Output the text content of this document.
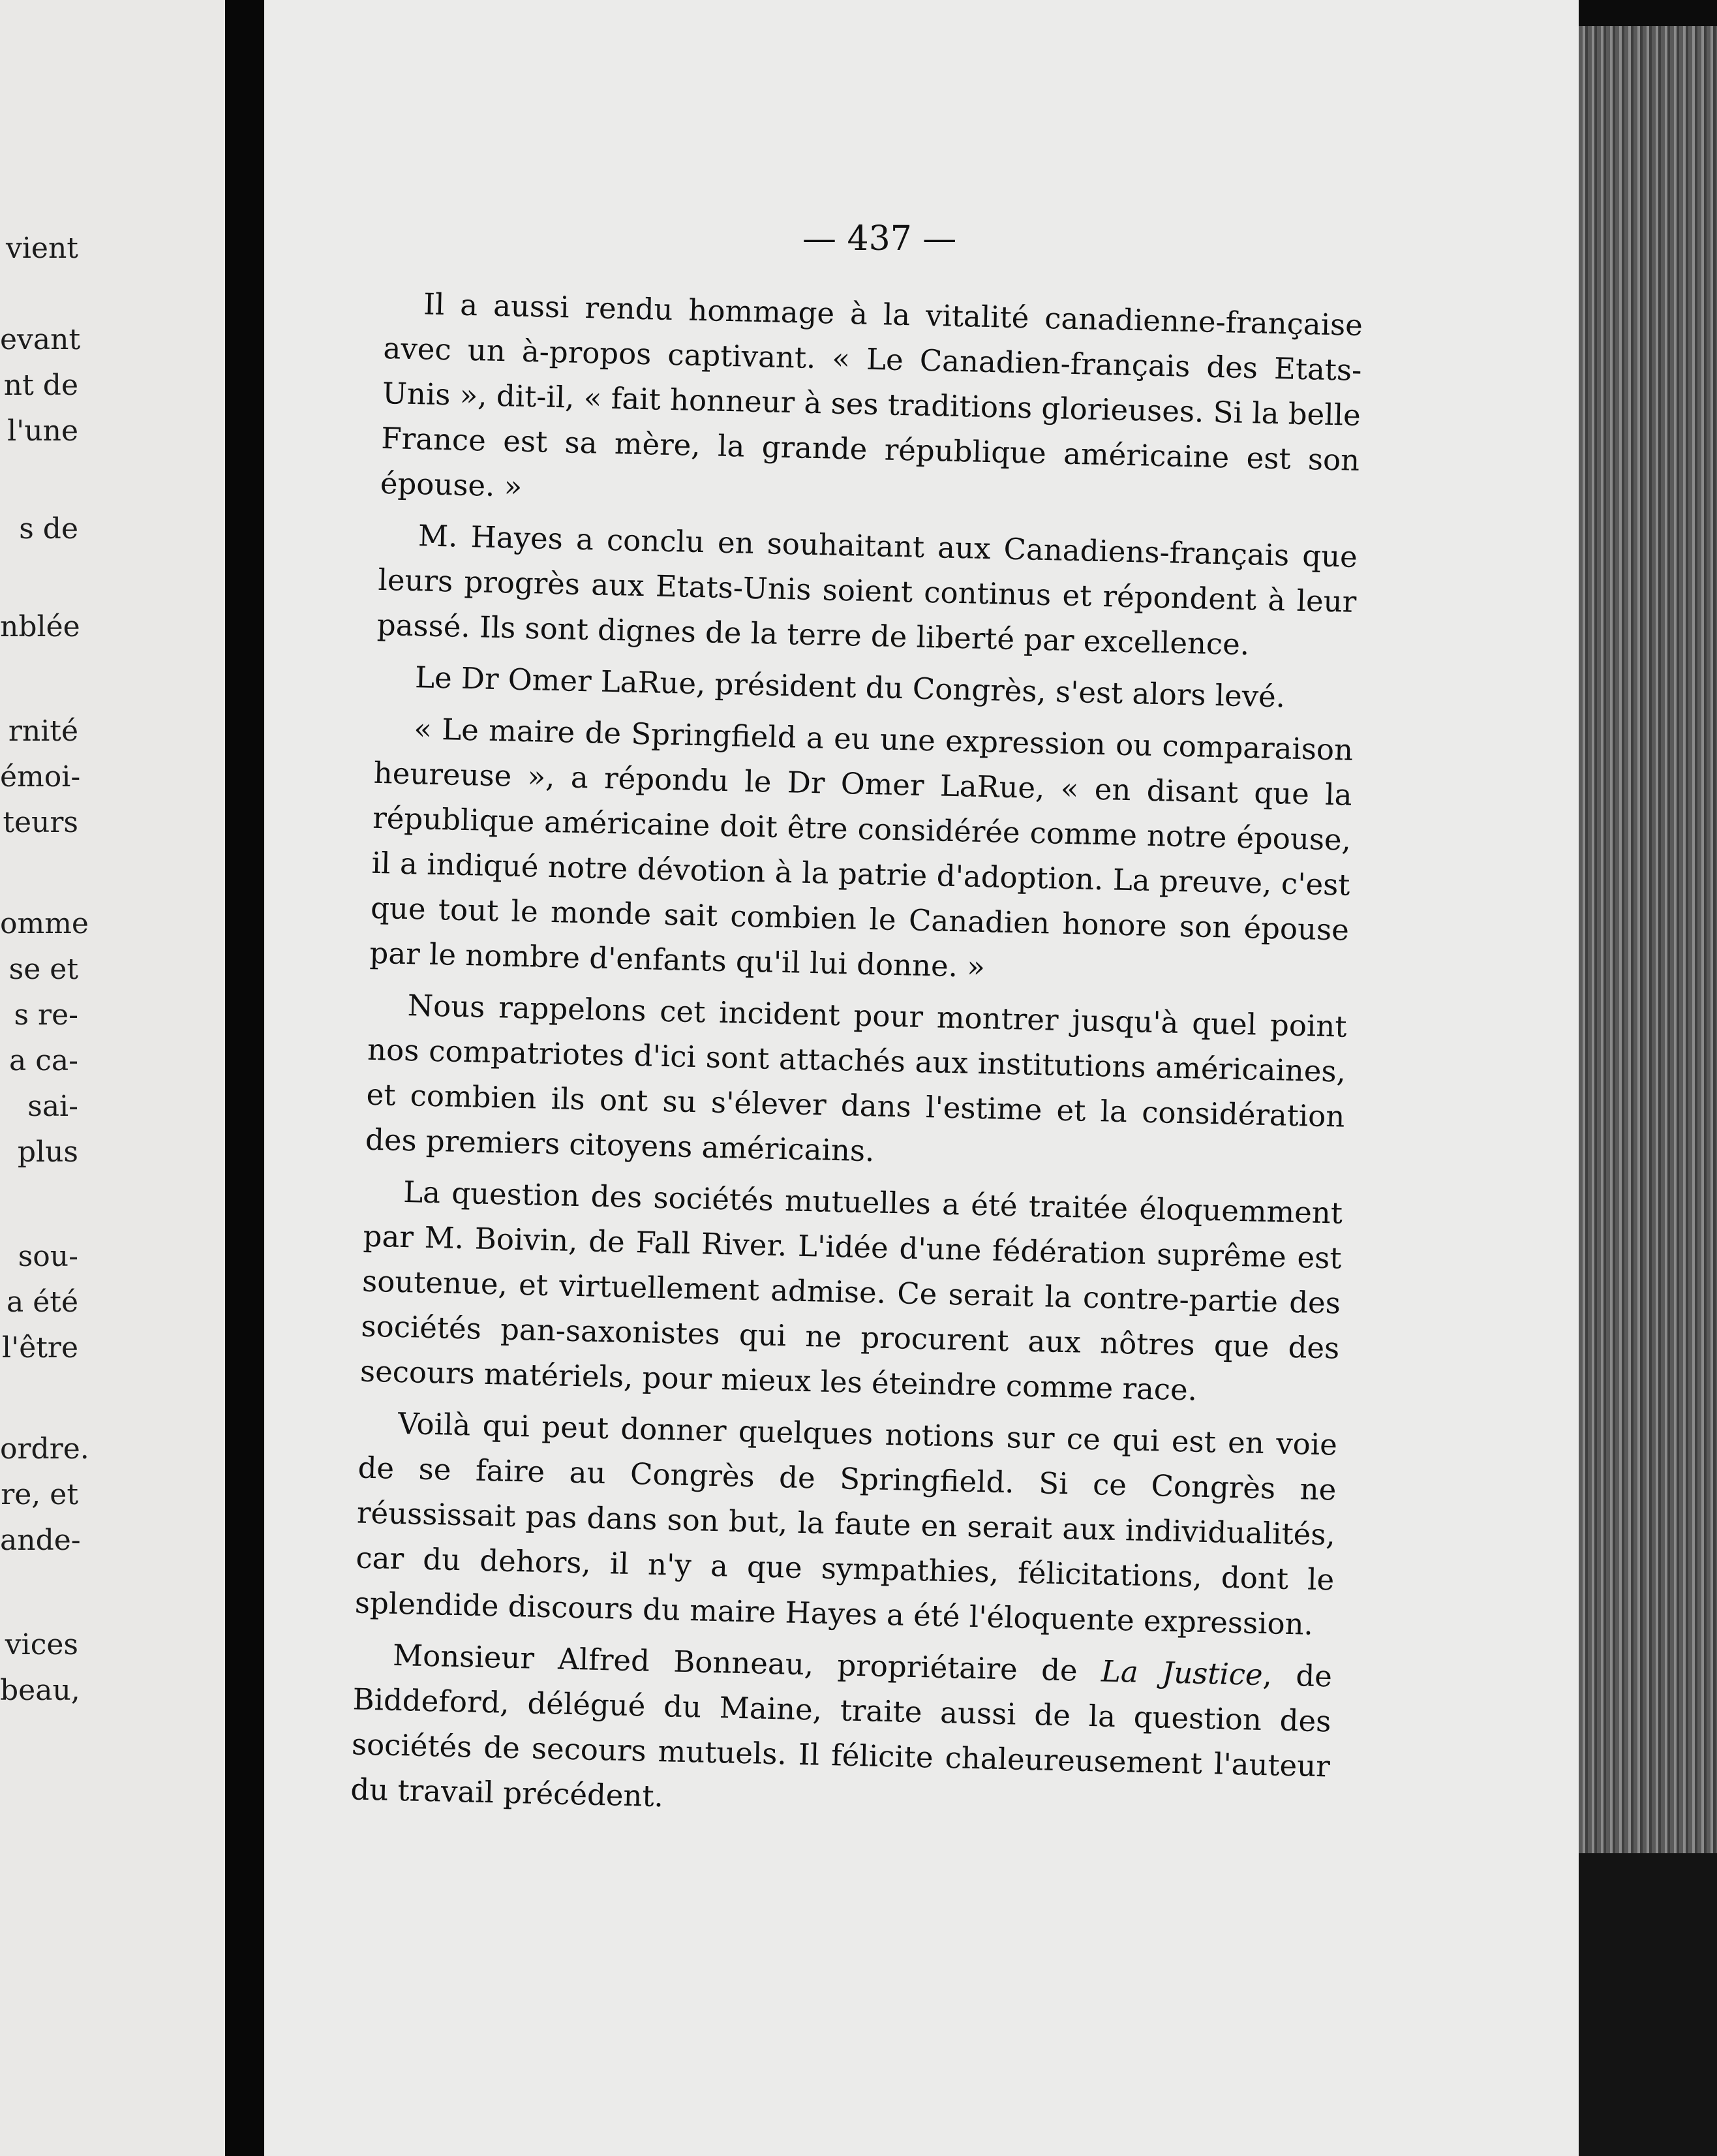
vient
evant
nt de
l'une
s de
nblée
rnité
émoi-
teurs
omme
se et
s re-
a ca-
sai-
plus
sou-
a été
l'être
ordre.
re, et
ande-
vices
beau,
— 437 —

Il a aussi rendu hommage à la vitalité canadienne-française avec un à-propos captivant. « Le Canadien-français des Etats-Unis », dit-il, « fait honneur à ses traditions glorieuses. Si la belle France est sa mère, la grande république américaine est son épouse. »

M. Hayes a conclu en souhaitant aux Canadiens-français que leurs progrès aux Etats-Unis soient continus et répondent à leur passé. Ils sont dignes de la terre de liberté par excellence.

Le Dr Omer LaRue, président du Congrès, s'est alors levé.

« Le maire de Springfield a eu une expression ou comparaison heureuse », a répondu le Dr Omer LaRue, « en disant que la république américaine doit être considérée comme notre épouse, il a indiqué notre dévotion à la patrie d'adoption. La preuve, c'est que tout le monde sait combien le Canadien honore son épouse par le nombre d'enfants qu'il lui donne. »

Nous rappelons cet incident pour montrer jusqu'à quel point nos compatriotes d'ici sont attachés aux institutions américaines, et combien ils ont su s'élever dans l'estime et la considération des premiers citoyens américains.

La question des sociétés mutuelles a été traitée éloquemment par M. Boivin, de Fall River. L'idée d'une fédération suprême est soutenue, et virtuellement admise. Ce serait la contre-partie des sociétés pan-saxonistes qui ne procurent aux nôtres que des secours matériels, pour mieux les éteindre comme race.

Voilà qui peut donner quelques notions sur ce qui est en voie de se faire au Congrès de Springfield. Si ce Congrès ne réussissait pas dans son but, la faute en serait aux individualités, car du dehors, il n'y a que sympathies, félicitations, dont le splendide discours du maire Hayes a été l'éloquente expression.

Monsieur Alfred Bonneau, propriétaire de La Justice, de Biddeford, délégué du Maine, traite aussi de la question des sociétés de secours mutuels. Il félicite chaleureusement l'auteur du travail précédent.
